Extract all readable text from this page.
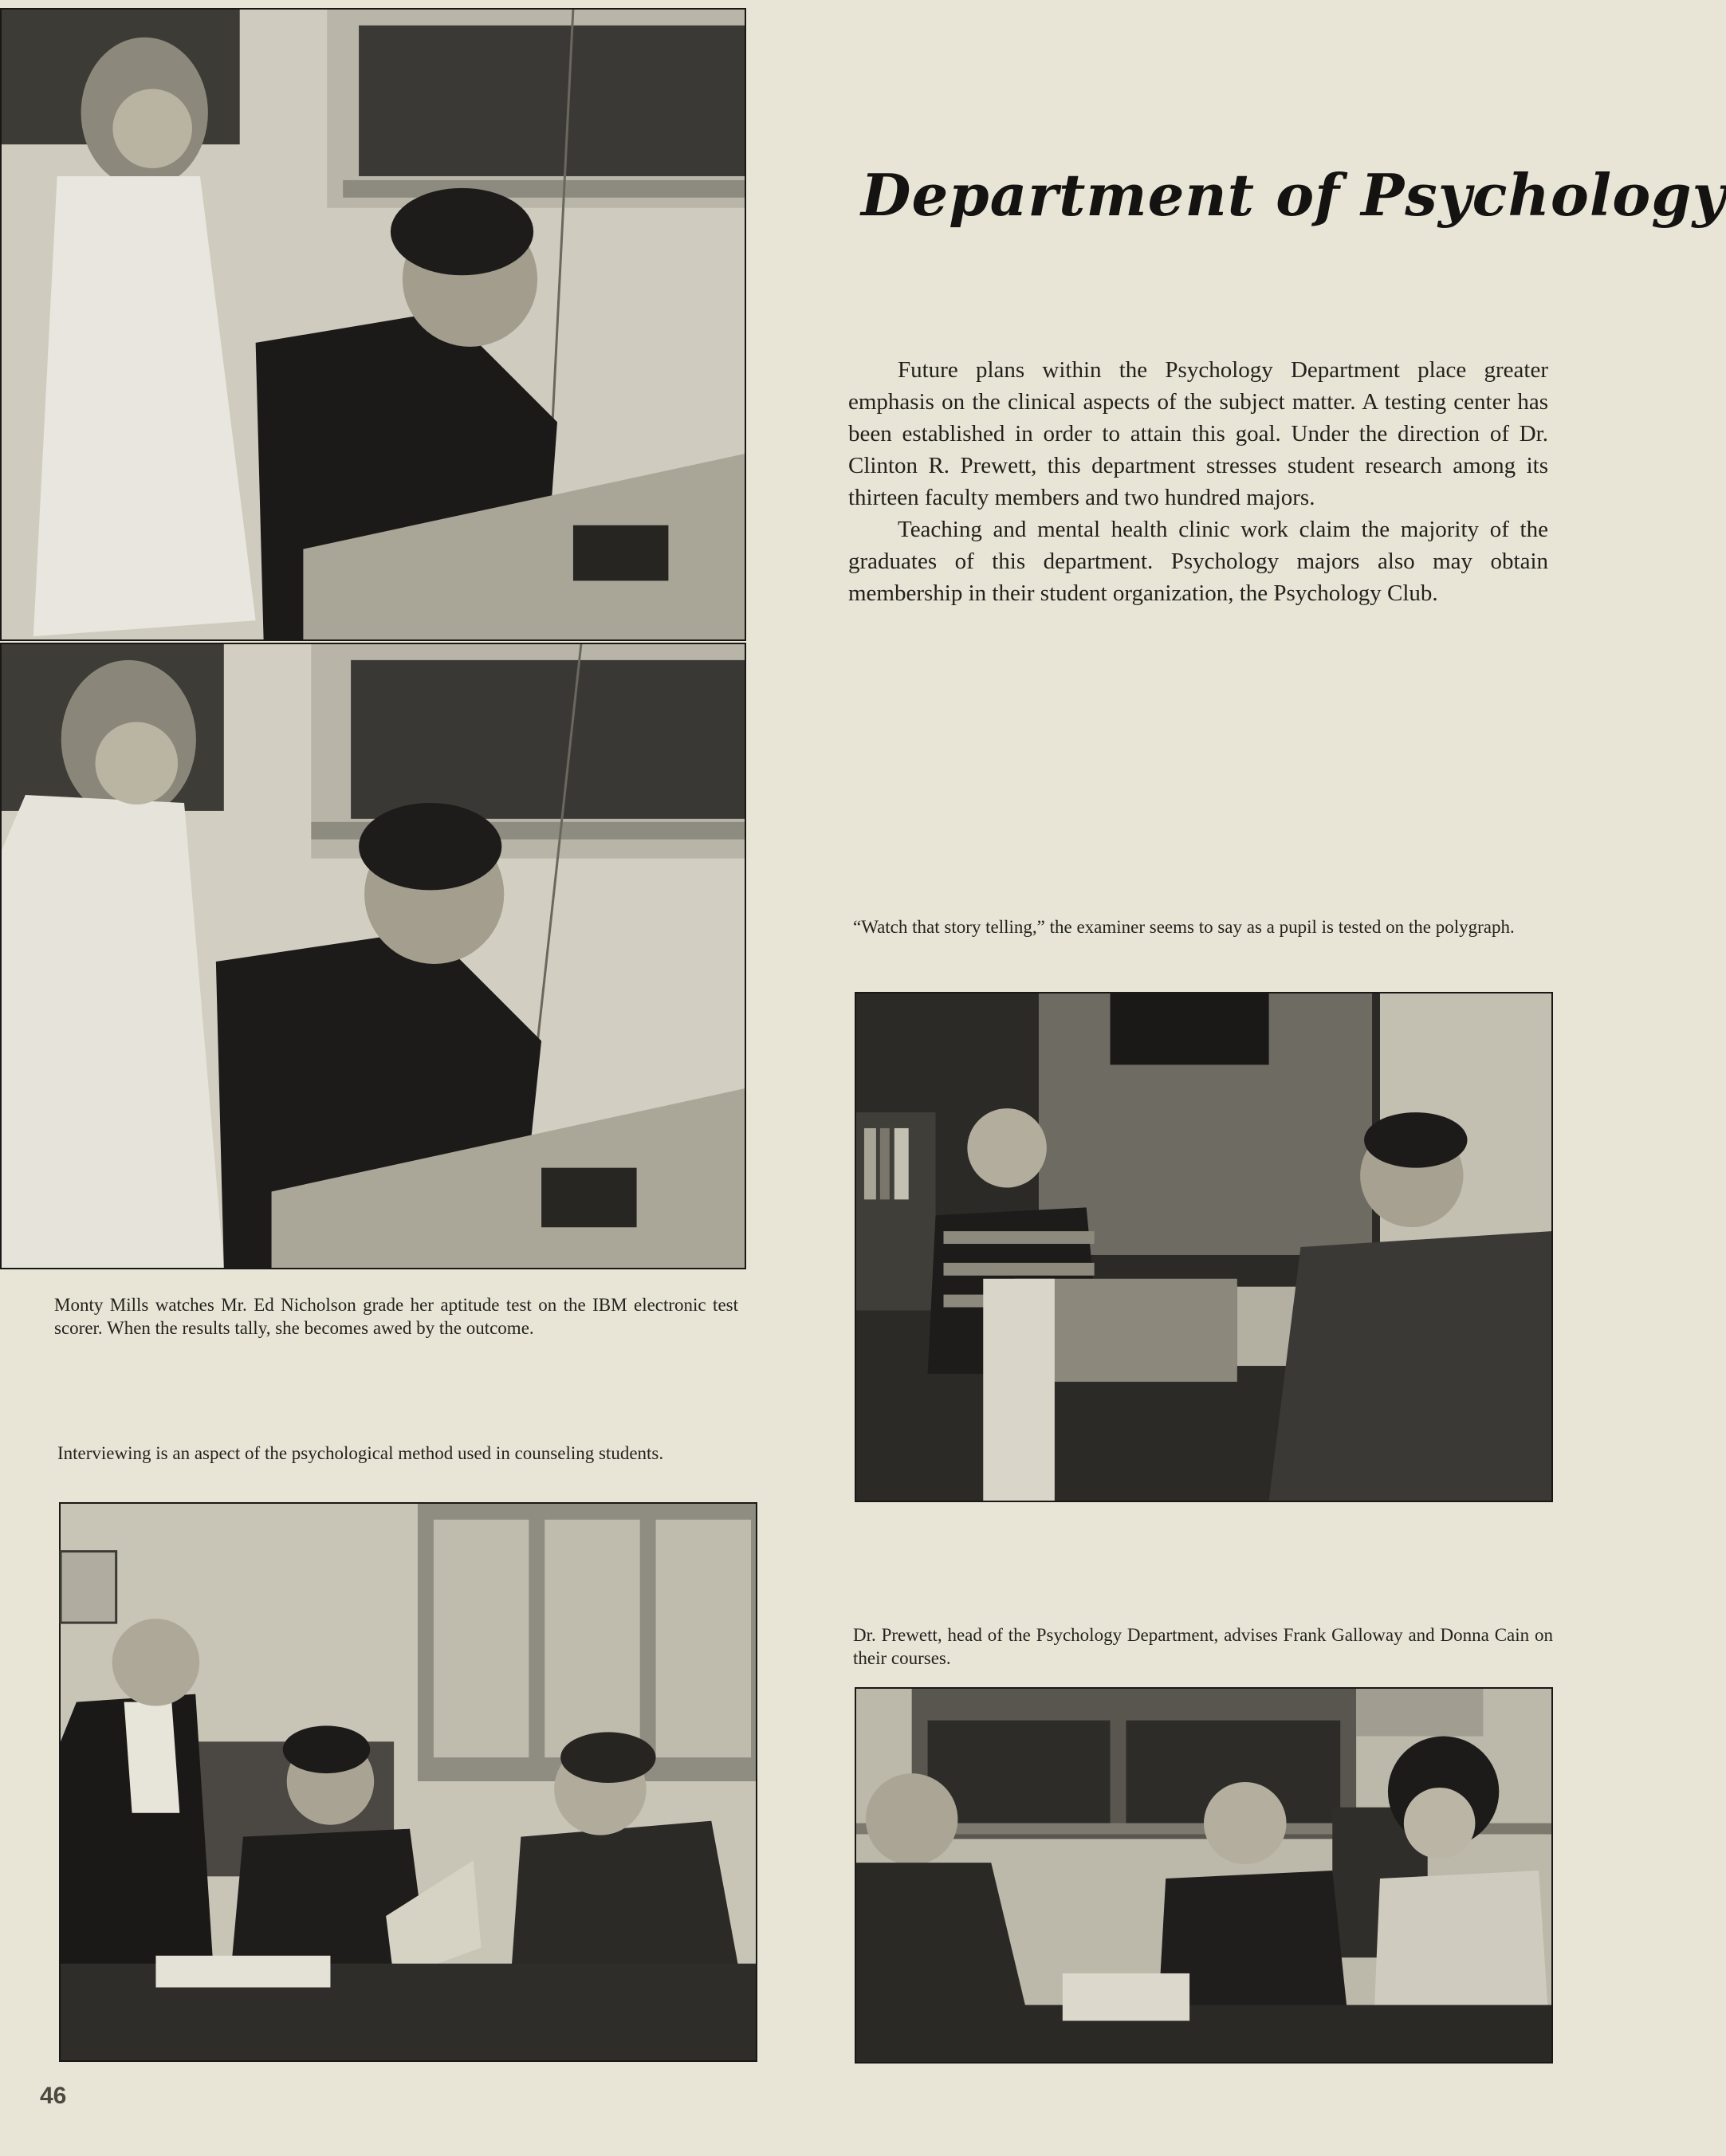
Monty Mills watches Mr. Ed Nicholson grade her aptitude test on the IBM electronic test scorer. When the results tally, she becomes awed by the outcome.

Interviewing is an aspect of the psychological method used in counseling students.

Department of Psychology

Future plans within the Psychology Department place greater emphasis on the clinical aspects of the subject matter. A testing center has been established in order to attain this goal. Under the direction of Dr. Clinton R. Prewett, this department stresses student research among its thirteen faculty members and two hundred majors.

Teaching and mental health clinic work claim the majority of the graduates of this department. Psychology majors also may obtain membership in their student organization, the Psychology Club.

“Watch that story telling,” the examiner seems to say as a pupil is tested on the polygraph.

Dr. Prewett, head of the Psychology Department, advises Frank Galloway and Donna Cain on their courses.

46
